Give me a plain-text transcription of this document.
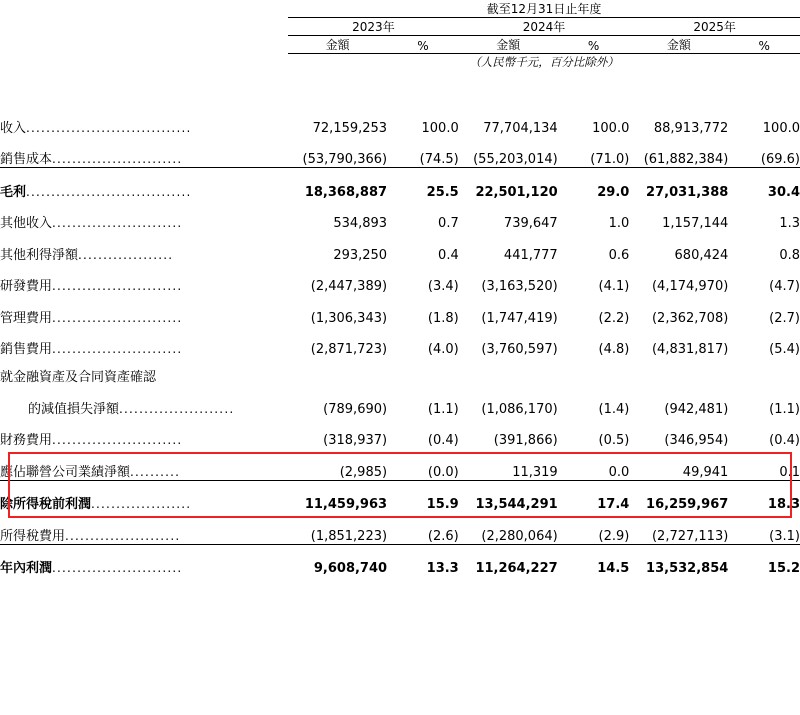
	截至12月31日止年度					
	2023年		2024年		2025年	
	金額	%	金額	%	金額	%
	（人民幣千元，百分比除外）					

收入.................................	72,159,253	100.0	77,704,134	100.0	88,913,772	100.0
銷售成本..........................	(53,790,366)	(74.5)	(55,203,014)	(71.0)	(61,882,384)	(69.6)
毛利.................................	18,368,887	25.5	22,501,120	29.0	27,031,388	30.4
其他收入..........................	534,893	0.7	739,647	1.0	1,157,144	1.3
其他利得淨額...................	293,250	0.4	441,777	0.6	680,424	0.8
研發費用..........................	(2,447,389)	(3.4)	(3,163,520)	(4.1)	(4,174,970)	(4.7)
管理費用..........................	(1,306,343)	(1.8)	(1,747,419)	(2.2)	(2,362,708)	(2.7)
銷售費用..........................	(2,871,723)	(4.0)	(3,760,597)	(4.8)	(4,831,817)	(5.4)
就金融資產及合同資產確認						
的減值損失淨額.......................	(789,690)	(1.1)	(1,086,170)	(1.4)	(942,481)	(1.1)
財務費用..........................	(318,937)	(0.4)	(391,866)	(0.5)	(346,954)	(0.4)
應佔聯營公司業績淨額..........	(2,985)	(0.0)	11,319	0.0	49,941	0.1
除所得稅前利潤....................	11,459,963	15.9	13,544,291	17.4	16,259,967	18.3
所得稅費用.......................	(1,851,223)	(2.6)	(2,280,064)	(2.9)	(2,727,113)	(3.1)
年內利潤..........................	9,608,740	13.3	11,264,227	14.5	13,532,854	15.2
